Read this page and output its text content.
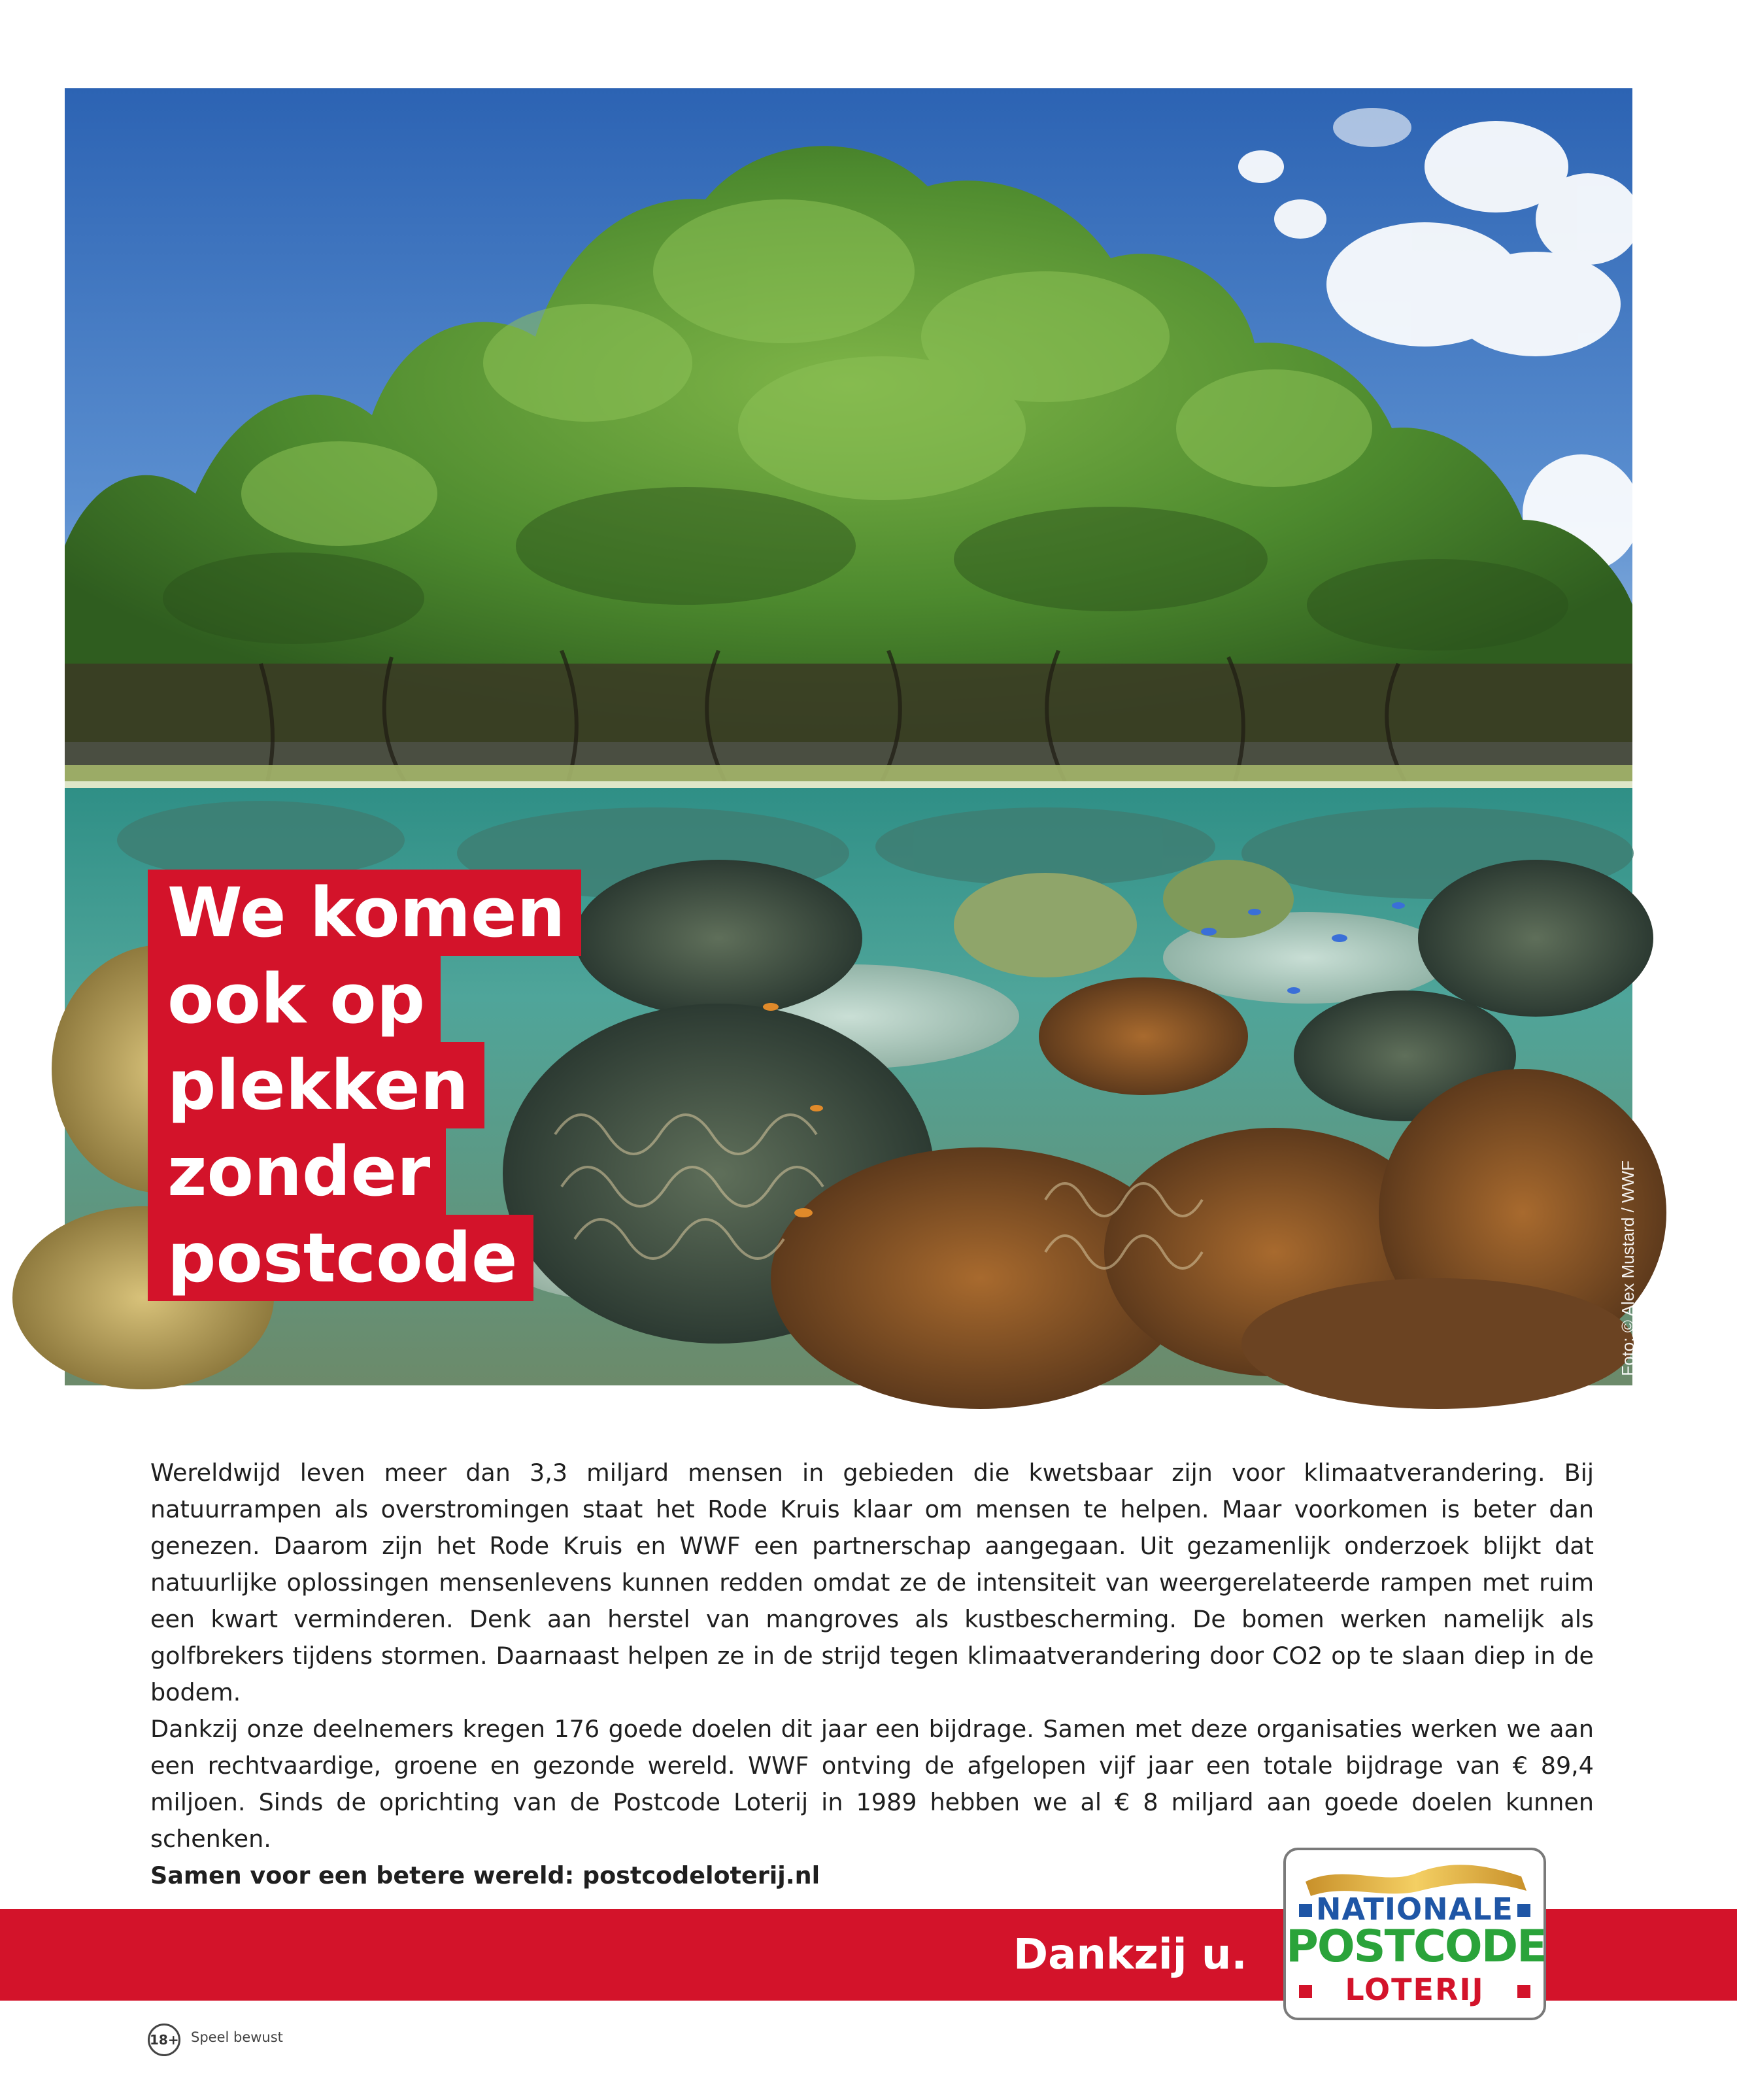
We komen
ook op
plekken
zonder
postcode	Foto: © Alex Mustard / WWF

Wereldwijd leven meer dan 3,3 miljard mensen in gebieden die kwetsbaar zijn voor klimaatverandering. Bij natuurrampen als overstromingen staat het Rode Kruis klaar om mensen te helpen. Maar voorkomen is beter dan genezen. Daarom zijn het Rode Kruis en WWF een partnerschap aangegaan. Uit gezamenlijk onderzoek blijkt dat natuurlijke oplossingen mensenlevens kunnen redden omdat ze de intensiteit van weergerelateerde rampen met ruim een kwart verminderen. Denk aan herstel van mangroves als kustbescherming. De bomen werken namelijk als golfbrekers tijdens stormen. Daarnaast helpen ze in de strijd tegen klimaatverandering door CO2 op te slaan diep in de bodem.

Dankzij onze deelnemers kregen 176 goede doelen dit jaar een bijdrage. Samen met deze organisaties werken we aan een rechtvaardige, groene en gezonde wereld. WWF ontving de afgelopen vijf jaar een totale bijdrage van € 89,4 miljoen. Sinds de oprichting van de Postcode Loterij in 1989 hebben we al € 8 miljard aan goede doelen kunnen schenken.

Samen voor een betere wereld: postcodeloterij.nl

Dankzij u.
NATIONALE
POSTCODE
LOTERIJ
18+ Speel bewust
